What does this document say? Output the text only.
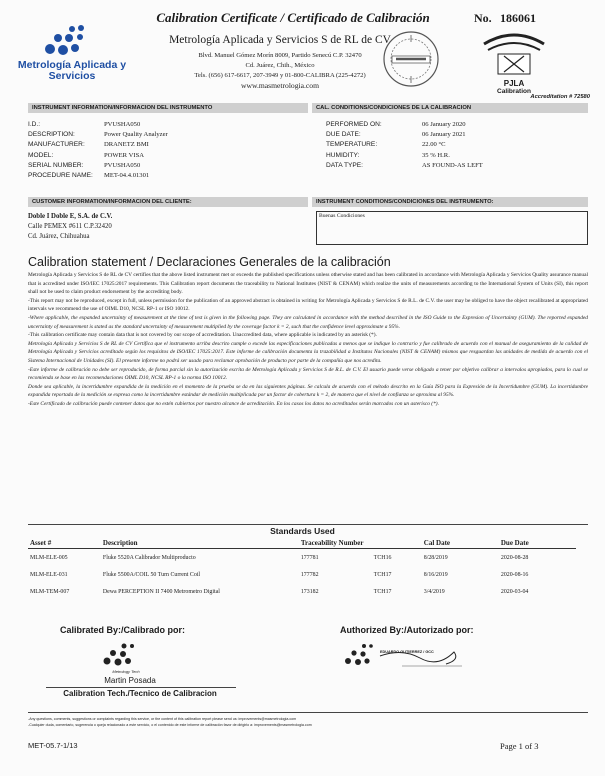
Metrología Aplicada y Servicios
Calibration Certificate / Certificado de Calibración	No. 186061
Metrología Aplicada y Servicios S de RL de CV
Blvd. Manuel Gómez Morín 8009, Partido Senecú C.P. 32470
Cd. Juárez, Chih., México
Tels. (656) 617-6617, 207-3949 y 01-800-CALIBRA (225-4272)
www.masmetrologia.com	PJLA
Calibration
Accreditation # 72580
INSTRUMENT INFORMATION/INFORMACION DEL INSTRUMENTO	CAL. CONDITIONS/CONDICIONES DE LA CALIBRACION
I.D.:	PVUSHA050
DESCRIPTION:	Power Quality Analyzer
MANUFACTURER:	DRANETZ BMI
MODEL:	POWER VISA
SERIAL NUMBER:	PVUSHA050
PROCEDURE NAME: MET-04.4.01301
PERFORMED ON:	06 January 2020
DUE DATE:	06 January 2021
TEMPERATURE:	22.00 °C
HUMIDITY:	35 % H.R.
DATA TYPE:	AS FOUND-AS LEFT
CUSTOMER INFORMATION/INFORMACION DEL CLIENTE:	INSTRUMENT CONDITIONS/CONDICIONES DEL INSTRUMENTO:
Doble I Doble E, S.A. de C.V.
Calle PEMEX #611 C.P.32420
Cd. Juárez, Chihuahua
Buenas Condiciones
Calibration statement / Declaraciones Generales de la calibración

Metrología Aplicada y Servicios S de RL de CV certifies that the above listed instrument met or exceeds the published specifications unless otherwise stated and has been calibrated in accordance with Metrología Aplicada y Servicios Quality assurance manual that is accredited under ISO/IEC 17025:2017 requirements. This Calibration report documents the traceability to National Institutes (NIST & CENAM) which realize the units of measurements according to the International System of Units (SI), this report shall not be used to claim product endorsement by the accrediting body.

-This report may not be reproduced, except in full, unless permission for the publication of an approved abstract is obtained in writing for Metrología Aplicada y Servicios S de R.L. de C.V. the user may be obliged to have the object recalibrated at appropriated intervals we recommend the use of OIML D10, NCSL RP-1 or ISO 10012.

-Where applicable, the expanded uncertainty of measurement at the time of test is given in the following page. They are calculated in accordance with the method described in the ISO Guide to the Expresion of Uncertainty (GUM). The reported expanded uncertainty of measurement is stated as the standard uncertainty of measurement multiplied by the coverage factor k = 2, such that the confidence level approximate a 95%.

-This calibration certificate may contain data that is not covered by our scope of accreditation. Unaccredited data, where applicable is indicated by an asterisk (*).

Metrología Aplicada y Servicios S de RL de CV Certifica que el instrumento arriba descrito cumple o excede las especificaciones publicadas a menos que se indique lo contrario y fue calibrado de acuerdo con el manual de aseguramiento de la calidad de Metrología Aplicada y Servicios acreditado según los requisitos de ISO/IEC 17025:2017. Este informe de calibración documenta la trazabilidad a Institutos Nacionales (NIST & CENAM) mismos que resguardan las unidades de medida de acuerdo con el Sistema Internacional de Unidades (SI). El presente informe no podrá ser usado para reclamar aprobación de producto por parte de la compañía que nos acredita.

-Este informe de calibración no debe ser reproducido, de forma parcial sin la autorización escrita de Metrología Aplicada y Servicios S de R.L. de C.V. El usuario puede verse obligado a tener por objetivo calibrar a intervalos apropiados, para lo cual se recomienda se base en las recomendaciones OIML D10, NCSL RP-1 o la norma ISO 10012.

Donde sea aplicable, la incertidumbre expandida de la medición en el momento de la prueba se da en las siguientes páginas. Se calcula de acuerdo con el método descrito en la Guía ISO para la Expresión de la Incertidumbre (GUM). La incertidumbre expandida reportada de la medición se expresa como la incertidumbre estándar de medición multiplicada por un factor de cobertura k = 2, de manera que el nivel de confianza se aproxima al 95%.

-Este Certificado de calibración puede contener datos que no estén cubiertos por nuestro alcance de acreditación. En los casos los datos no acreditados serán marcados con un asterisco (*).

Standards Used
Asset #	Description	Traceability Number		Cal Date	Due Date
MLM-ELE-005	Fluke 5520A Calibrador Multiproducto	177781	TCH16	8/28/2019	2020-08-28
MLM-ELE-031	Fluke 5500A/COIL 50 Turn Current Coil	177782	TCH17	8/16/2019	2020-08-16
MLM-TEM-007	Dewa PERCEPTION II 7400 Metrometro Digital	173182	TCH17	3/4/2019	2020-03-04
Calibrated By:/Calibrado por:	Authorized By:/Autorizado por:
Metrology Tech
Martin Posada
Calibration Tech./Tecnico de Calibracion
EDUARDO GUTIERREZ / GCC
-Any questions, comments, suggestions or complaints regarding this service, or the content of this calibration report please send us: improvements@masmetrologia.com
-Cualquier duda, comentario, sugerencia o queja relacionado a este servicio, o el contenido de este informe de calibración favor de dirigirlo a: improvements@masmetrologia.com
MET-05.7-1/13	Page 1 of 3
